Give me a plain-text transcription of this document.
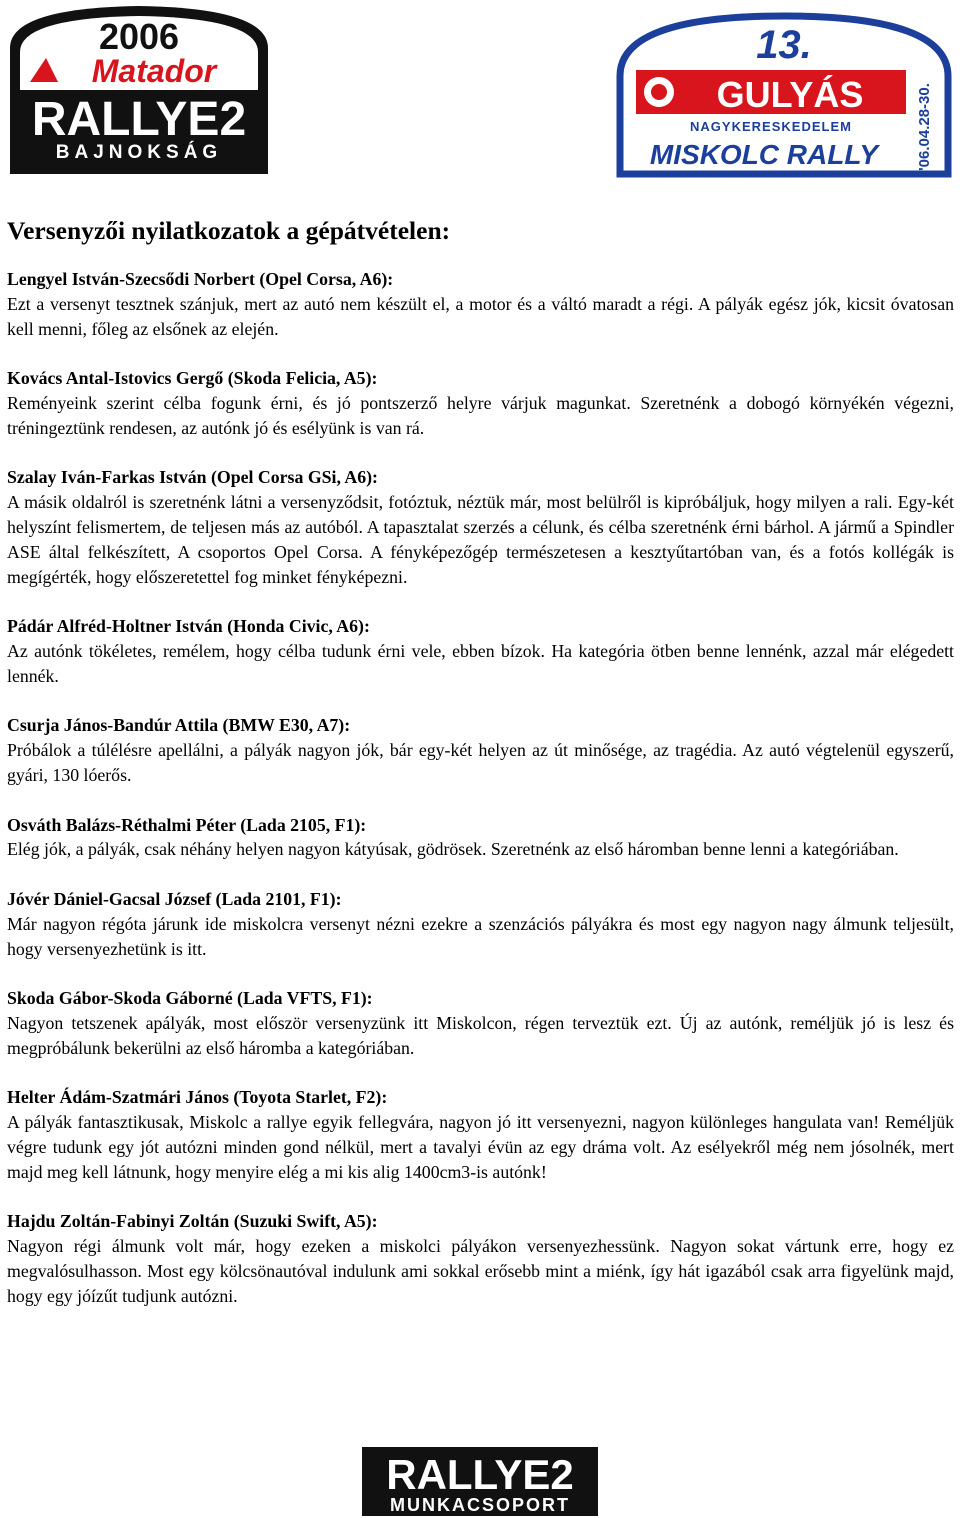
2006
Matador
RALLYE2
BAJNOKSÁG
13.
GULYÁS
NAGYKERESKEDELEM
MISKOLC RALLY	'06.04.28-30.
Versenyzői nyilatkozatok a gépátvételen:

Lengyel István-Szecsődi Norbert (Opel Corsa, A6):

Ezt a versenyt tesztnek szánjuk, mert az autó nem készült el, a motor és a váltó maradt a régi. A pályák egész jók, kicsit óvatosan kell menni, főleg az elsőnek az elején.

Kovács Antal-Istovics Gergő (Skoda Felicia, A5):

Reményeink szerint célba fogunk érni, és jó pontszerző helyre várjuk magunkat. Szeretnénk a dobogó környékén végezni, tréningeztünk rendesen, az autónk jó és esélyünk is van rá.

Szalay Iván-Farkas István (Opel Corsa GSi, A6):

A másik oldalról is szeretnénk látni a versenyződsit, fotóztuk, néztük már, most belülről is kipróbáljuk, hogy milyen a rali. Egy-két helyszínt felismertem, de teljesen más az autóból. A tapasztalat szerzés a célunk, és célba szeretnénk érni bárhol. A jármű a Spindler ASE által felkészített, A csoportos Opel Corsa. A fényképezőgép természetesen a kesztyűtartóban van, és a fotós kollégák is megígérték, hogy előszeretettel fog minket fényképezni.

Pádár Alfréd-Holtner István (Honda Civic, A6):

Az autónk tökéletes, remélem, hogy célba tudunk érni vele, ebben bízok. Ha kategória ötben benne lennénk, azzal már elégedett lennék.

Csurja János-Bandúr Attila (BMW E30, A7):

Próbálok a túlélésre apellálni, a pályák nagyon jók, bár egy-két helyen az út minősége, az tragédia. Az autó végtelenül egyszerű, gyári, 130 lóerős.

Osváth Balázs-Réthalmi Péter (Lada 2105, F1):

Elég jók, a pályák, csak néhány helyen nagyon kátyúsak, gödrösek. Szeretnénk az első háromban benne lenni a kategóriában.

Jóvér Dániel-Gacsal József (Lada 2101, F1):

Már nagyon régóta járunk ide miskolcra versenyt nézni ezekre a szenzációs pályákra és most egy nagyon nagy álmunk teljesült, hogy versenyezhetünk is itt.

Skoda Gábor-Skoda Gáborné (Lada VFTS, F1):

Nagyon tetszenek apályák, most először versenyzünk itt Miskolcon, régen terveztük ezt. Új az autónk, reméljük jó is lesz és megpróbálunk bekerülni az első háromba a kategóriában.

Helter Ádám-Szatmári János (Toyota Starlet, F2):

A pályák fantasztikusak, Miskolc a rallye egyik fellegvára, nagyon jó itt versenyezni, nagyon különleges hangulata van! Reméljük végre tudunk egy jót autózni minden gond nélkül, mert a tavalyi évün az egy dráma volt. Az esélyekről még nem jósolnék, mert majd meg kell látnunk, hogy menyire elég a mi kis alig 1400cm3-is autónk!

Hajdu Zoltán-Fabinyi Zoltán (Suzuki Swift, A5):

Nagyon régi álmunk volt már, hogy ezeken a miskolci pályákon versenyezhessünk. Nagyon sokat vártunk erre, hogy ez megvalósulhasson. Most egy kölcsönautóval indulunk ami sokkal erősebb mint a miénk, így hát igazából csak arra figyelünk majd, hogy egy jóízűt tudjunk autózni.

RALLYE2
MUNKACSOPORT
